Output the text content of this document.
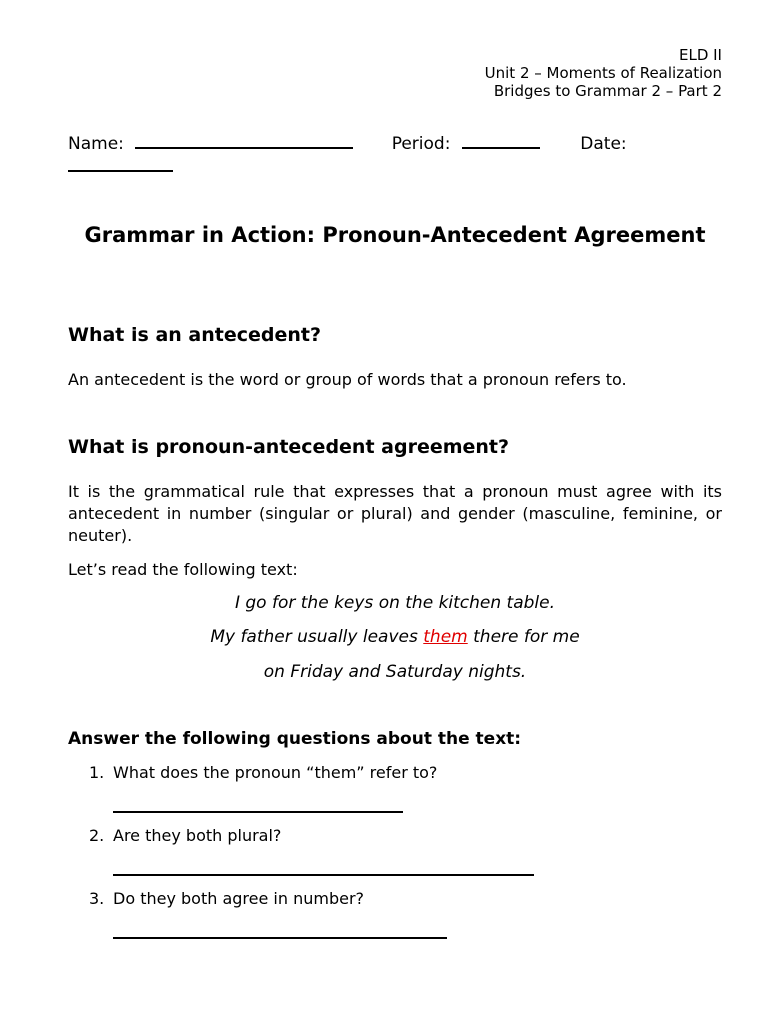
ELD II
Unit 2 – Moments of Realization
Bridges to Grammar 2 – Part 2
Name:	Period:	Date:
Grammar in Action: Pronoun-Antecedent Agreement
What is an antecedent?
An antecedent is the word or group of words that a pronoun refers to.
What is pronoun-antecedent agreement?
It is the grammatical rule that expresses that a pronoun must agree with its antecedent in number (singular or plural) and gender (masculine, feminine, or neuter).
Let’s read the following text:
I go for the keys on the kitchen table.
My father usually leaves them there for me
on Friday and Saturday nights.
Answer the following questions about the text:
1. What does the pronoun “them” refer to?
2. Are they both plural?
3. Do they both agree in number?
